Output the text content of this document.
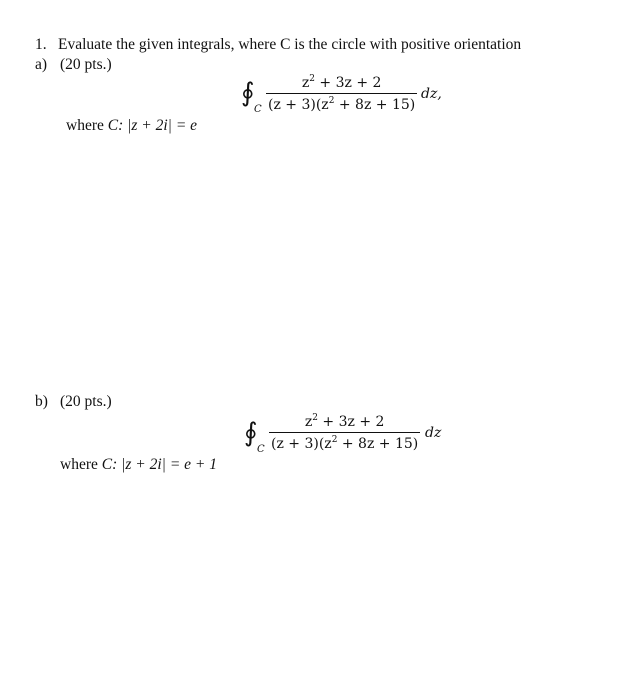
1. Evaluate the given integrals, where C is the circle with positive orientation
a) (20 pts.)
∮
C
$z^2 + 3z + 2$
$(z + 3)(z^2 + 8z + 15)$
dz,
where C: |z + 2i| = e
b) (20 pts.)
∮
C
$z^2 + 3z + 2$
$(z + 3)(z^2 + 8z + 15)$
dz
where C: |z + 2i| = e + 1
